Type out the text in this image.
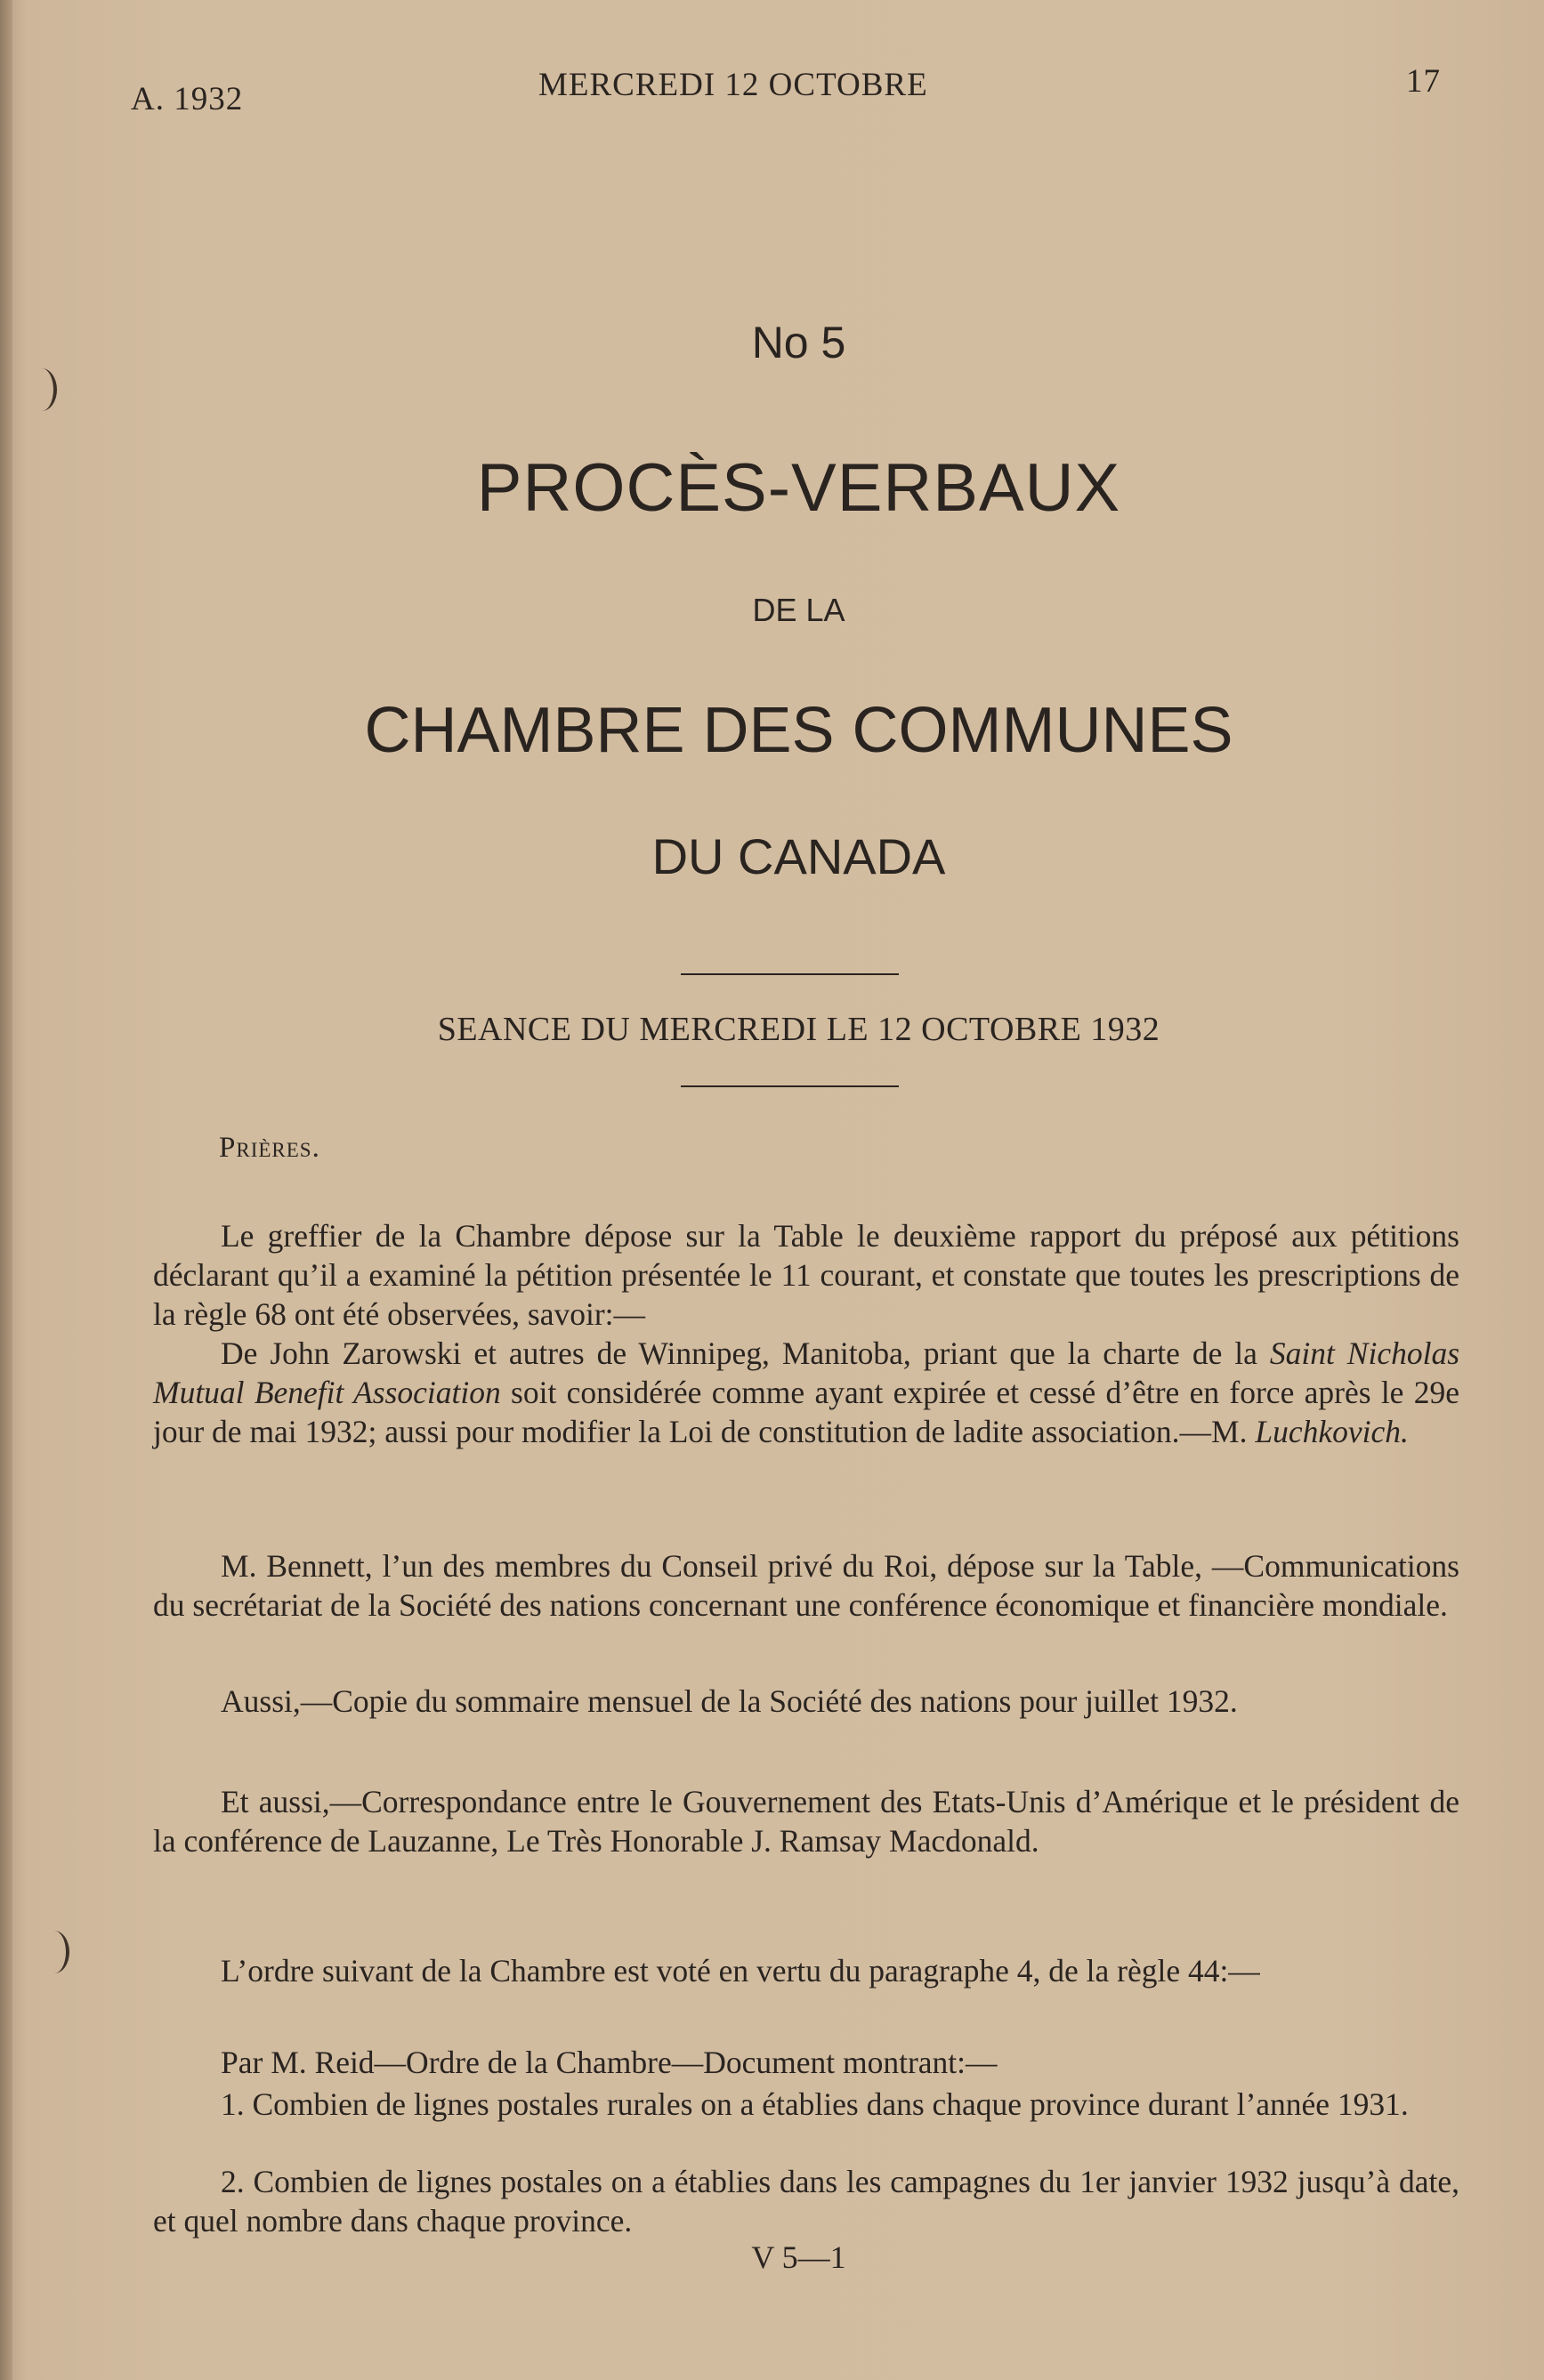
A. 1932	MERCREDI 12 OCTOBRE	17
No 5
PROCÈS-VERBAUX
DE LA
CHAMBRE DES COMMUNES
DU CANADA
SEANCE DU MERCREDI LE 12 OCTOBRE 1932
Prières.

Le greffier de la Chambre dépose sur la Table le deuxième rapport du préposé aux pétitions déclarant qu’il a examiné la pétition présentée le 11 courant, et constate que toutes les prescriptions de la règle 68 ont été observées, savoir:—

De John Zarowski et autres de Winnipeg, Manitoba, priant que la charte de la Saint Nicholas Mutual Benefit Association soit considérée comme ayant expirée et cessé d’être en force après le 29e jour de mai 1932; aussi pour modifier la Loi de constitution de ladite association.—M. Luchkovich.

M. Bennett, l’un des membres du Conseil privé du Roi, dépose sur la Table, —Communications du secrétariat de la Société des nations concernant une conférence économique et financière mondiale.

Aussi,—Copie du sommaire mensuel de la Société des nations pour juillet 1932.

Et aussi,—Correspondance entre le Gouvernement des Etats-Unis d’Amérique et le président de la conférence de Lauzanne, Le Très Honorable J. Ramsay Macdonald.

L’ordre suivant de la Chambre est voté en vertu du paragraphe 4, de la règle 44:—

Par M. Reid—Ordre de la Chambre—Document montrant:—

1. Combien de lignes postales rurales on a établies dans chaque province durant l’année 1931.

2. Combien de lignes postales on a établies dans les campagnes du 1er janvier 1932 jusqu’à date, et quel nombre dans chaque province.

V 5—1
